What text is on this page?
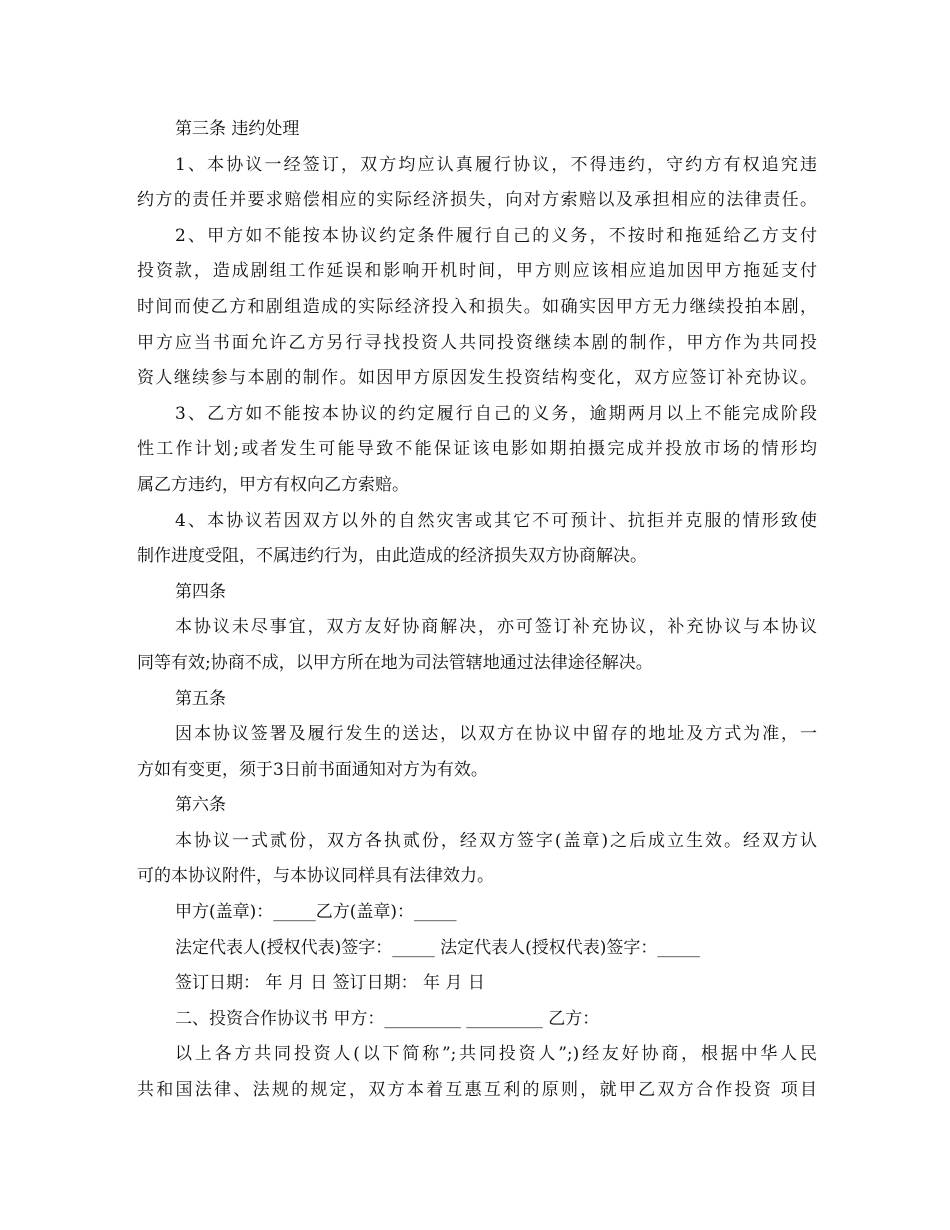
第三条 违约处理
1、本协议一经签订，双方均应认真履行协议，不得违约，守约方有权追究违
约方的责任并要求赔偿相应的实际经济损失，向对方索赔以及承担相应的法律责任。
2、甲方如不能按本协议约定条件履行自己的义务，不按时和拖延给乙方支付
投资款，造成剧组工作延误和影响开机时间，甲方则应该相应追加因甲方拖延支付
时间而使乙方和剧组造成的实际经济投入和损失。如确实因甲方无力继续投拍本剧，
甲方应当书面允许乙方另行寻找投资人共同投资继续本剧的制作，甲方作为共同投
资人继续参与本剧的制作。如因甲方原因发生投资结构变化，双方应签订补充协议。
3、乙方如不能按本协议的约定履行自己的义务，逾期两月以上不能完成阶段
性工作计划;或者发生可能导致不能保证该电影如期拍摄完成并投放市场的情形均
属乙方违约，甲方有权向乙方索赔。
4、本协议若因双方以外的自然灾害或其它不可预计、抗拒并克服的情形致使
制作进度受阻，不属违约行为，由此造成的经济损失双方协商解决。
第四条
本协议未尽事宜，双方友好协商解决，亦可签订补充协议，补充协议与本协议
同等有效;协商不成，以甲方所在地为司法管辖地通过法律途径解决。
第五条
因本协议签署及履行发生的送达，以双方在协议中留存的地址及方式为准，一
方如有变更，须于3日前书面通知对方为有效。
第六条
本协议一式贰份，双方各执贰份，经双方签字(盖章)之后成立生效。经双方认
可的本协议附件，与本协议同样具有法律效力。
甲方(盖章)：_____乙方(盖章)：_____
法定代表人(授权代表)签字：_____ 法定代表人(授权代表)签字：_____
签订日期： 年 月 日 签订日期： 年 月 日
二、投资合作协议书 甲方：_________ _________ 乙方：
以上各方共同投资人(以下简称”;共同投资人”;)经友好协商，根据中华人民
共和国法律、法规的规定，双方本着互惠互利的原则，就甲乙双方合作投资 项目
